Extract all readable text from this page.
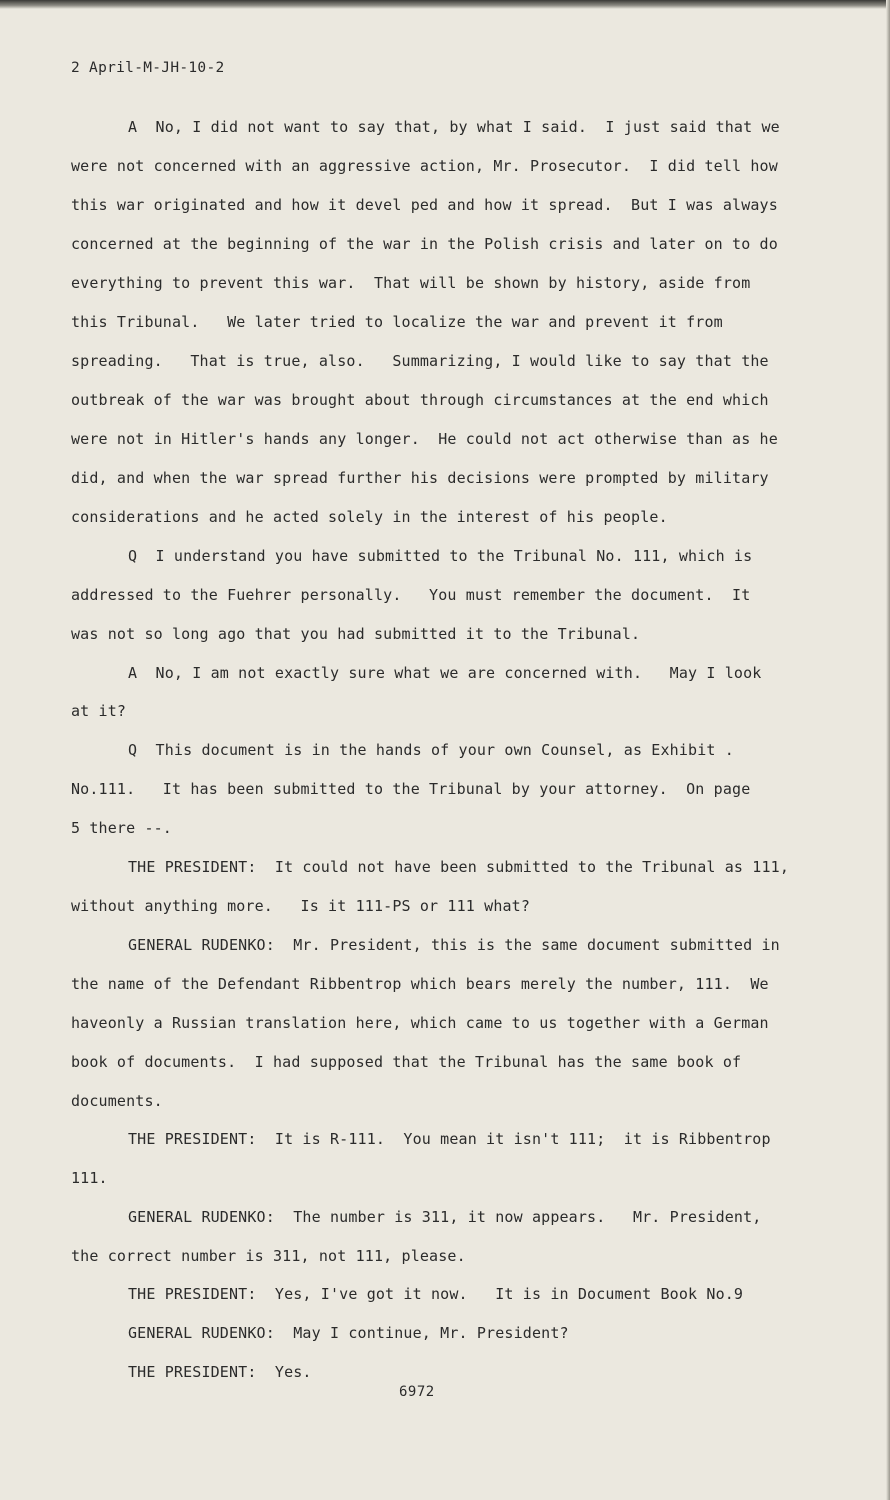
2 April-M-JH-10-2
A  No, I did not want to say that, by what I said.  I just said that we
were not concerned with an aggressive action, Mr. Prosecutor.  I did tell how
this war originated and how it devel ped and how it spread.  But I was always
concerned at the beginning of the war in the Polish crisis and later on to do
everything to prevent this war.  That will be shown by history, aside from
this Tribunal.   We later tried to localize the war and prevent it from
spreading.   That is true, also.   Summarizing, I would like to say that the
outbreak of the war was brought about through circumstances at the end which
were not in Hitler's hands any longer.  He could not act otherwise than as he
did, and when the war spread further his decisions were prompted by military
considerations and he acted solely in the interest of his people.
Q  I understand you have submitted to the Tribunal No. 111, which is
addressed to the Fuehrer personally.   You must remember the document.  It
was not so long ago that you had submitted it to the Tribunal.
A  No, I am not exactly sure what we are concerned with.   May I look
at it?
Q  This document is in the hands of your own Counsel, as Exhibit .
No.111.   It has been submitted to the Tribunal by your attorney.  On page
5 there --.
THE PRESIDENT:  It could not have been submitted to the Tribunal as 111,
without anything more.   Is it 111-PS or 111 what?
GENERAL RUDENKO:  Mr. President, this is the same document submitted in
the name of the Defendant Ribbentrop which bears merely the number, 111.  We
haveonly a Russian translation here, which came to us together with a German
book of documents.  I had supposed that the Tribunal has the same book of
documents.
THE PRESIDENT:  It is R-111.  You mean it isn't 111;  it is Ribbentrop
111.
GENERAL RUDENKO:  The number is 311, it now appears.   Mr. President,
the correct number is 311, not 111, please.
THE PRESIDENT:  Yes, I've got it now.   It is in Document Book No.9
GENERAL RUDENKO:  May I continue, Mr. President?
THE PRESIDENT:  Yes.
6972
